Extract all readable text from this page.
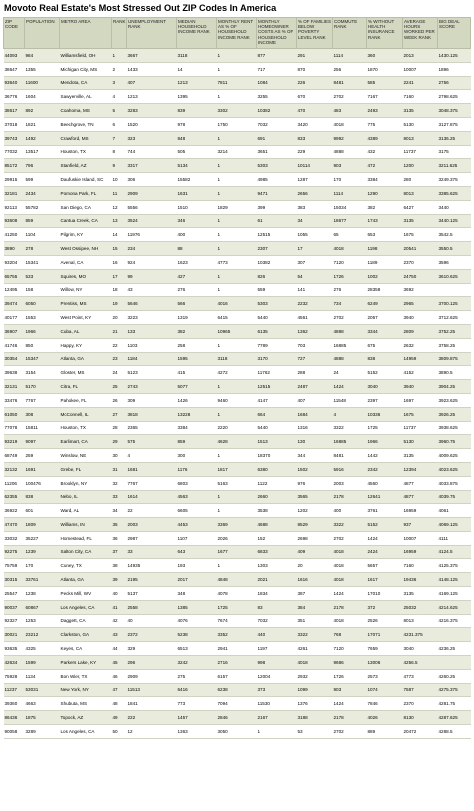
Movoto Real Estate's Most Stressed Out ZIP Codes In America
ZIP CODE	POPULATION	METRO AREA	RANK	UNEMPLOYMENT RANK	MEDIAN HOUSEHOLD INCOME RANK	MONTHLY RENT AS % OF HOUSEHOLD INCOME RANK	MONTHLY HOMEOWNER COSTS AS % OF HOUSEHOLD INCOME	% OF FAMILIES BELOW POVERTY LEVEL RANK	COMMUTE RANK	% WITHOUT HEALTH INSURANCE RANK	AVERAGE HOURS WORKED PER WEEK RANK	BIG DEAL SCORE
44093	984	Williamsfield, OH	1	3667	3118	1	877	291	1114	360	2013	1430.125
38647	1355	Michigan City, MS	2	1433	14	1	717	870	256	1870	10007	1896
93640	11600	Mendota, CA	3	407	1213	7811	1084	226	8481	585	2241	2756
36776	1604	Sawyerville, AL	4	1213	1395	1	3255	670	2702	7167	7160	2798.625
38617	892	Coahoma, MS	5	3283	839	3302	10382	470	483	2493	3135	3048.375
37018	1821	Beechgrove, TN	6	1520	978	1750	7032	3420	4018	775	5130	3127.875
39743	1492	Crawford, MS	7	323	848	1	691	833	9992	4389	8013	3136.25
77032	13517	Houston, TX	8	744	505	3214	3651	229	4888	432	11737	3175
85172	796	Stanfield, AZ	9	3317	5134	1	5303	10114	903	472	1200	3211.625
29915	599	Daufuskie Island, SC	10	306	15582	1	4985	1287	170	3384	280	3249.375
32181	2434	Pomona Park, FL	11	2909	1631	1	9471	2656	1114	1290	8013	3385.625
92113	55782	San Diego, CA	12	5556	1510	1829	399	383	15034	382	6427	3440
93608	859	Cantua Creek, CA	13	3524	346	1	61	34	18677	1743	3135	3440.125
41250	1104	Pilgrim, KY	14	11976	400	1	12515	1055	65	653	1675	3542.5
3890	278	West Ossipee, NH	15	234	88	1	2307	17	4018	1198	20541	3550.5
93204	15341	Avenal, CA	16	924	1623	4773	10382	307	7120	1189	2370	3596
65755	533	Squires, MO	17	99	427	1	826	54	1726	1002	24750	3610.625
12495	158	Willow, NY	18	43	276	1	559	141	276	28358	3692	
39474	6050	Prentiss, MS	19	5646	566	4016	5303	2232	734	6249	2965	3700.125
40177	1553	West Point, KY	20	3223	1319	6415	5440	4561	2702	2057	3940	3712.625
36907	1966	Cuba, AL	21	133	382	10965	6135	1362	4888	3344	2809	3752.25
41746	850	Happy, KY	22	1103	258	1	7789	703	16885	675	2632	3758.25
30354	15347	Atlanta, GA	23	1184	1595	3118	3170	727	4888	838	14959	3809.875
39638	3154	Gloster, MS	24	5123	415	4272	11762	288	24	5152	4152	3890.5
32131	5170	Citra, FL	25	2743	5077	1	12515	2487	1424	3040	3940	3904.25
33476	7767	Pahokee, FL	26	309	1426	9460	4147	407	11548	2397	1697	3923.625
61050	308	McConnell, IL	27	3818	13228	1	664	1684	4	10336	1675	3926.25
77078	15811	Houston, TX	28	2365	3384	2220	5440	1316	3322	1725	11737	3938.625
93219	9097	Earlimart, CA	29	575	859	4628	1513	130	16885	1966	5130	3960.75
68749	259	Winslow, NE	30	4	300	1	18370	344	8481	1442	3135	4009.625
32132	1691	Grebe, FL	31	1681	1176	1817	6380	1502	5916	2342	12394	4023.625
11206	100476	Brooklyn, NY	32	7767	6803	5163	1122	976	2003	4560	4877	4033.875
62355	838	Nebo, IL	33	1614	4563	1	2660	3565	2178	12641	4877	4039.75
36922	601	Ward, AL	34	22	6605	1	3538	1202	400	3761	16959	4061
47470	1809	Williams, IN	35	2003	4453	3369	4688	8529	3322	5152	937	4069.125
33032	35227	Homestead, FL	36	2987	1107	2026	152	2698	2702	1424	10007	4111
92275	1239	Salton City, CA	37	33	643	1677	6833	409	4018	2424	16959	4124.5
75759	170	Cuney, TX	38	14935	193	1	1303	20	4018	5657	7160	4125.375
30315	33761	Atlanta, GA	39	2195	2017	4848	2021	1616	4018	1617	19436	4148.125
25547	1238	Pecks Mill, WV	40	5137	348	4078	1834	387	1424	17010	3135	4169.125
90037	60867	Los Angeles, CA	41	2558	1385	1725	83	384	2178	372	25032	4214.625
92327	1253	Daggett, CA	42	40	4076	7674	7032	351	4018	2526	8013	4216.375
30021	23212	Clarkston, GA	43	2372	5238	3352	440	3322	768	17071	4231.375	
93635	4325	Keyes, CA	44	329	6513	2941	1197	4261	7120	7659	3040	4236.25
42634	1599	Parkers Lake, KY	45	296	3242	2716	998	4018	9686	13006	4256.5	
75928	1134	Bon Wier, TX	46	2909	275	6157	12004	2932	1726	2573	4773	4260.25
11237	53031	New York, NY	47	11513	6416	6238	373	1099	903	1074	7587	4275.375
39360	4663	Shubuta, MS	48	1841	773	7094	11530	1376	1424	7846	2370	4281.75
86436	1875	Topock, AZ	49	222	1457	2846	2167	3188	2178	4026	8130	4287.625
90058	3289	Los Angeles, CA	50	12	1363	3050	1	53	2702	889	20472	4288.5
